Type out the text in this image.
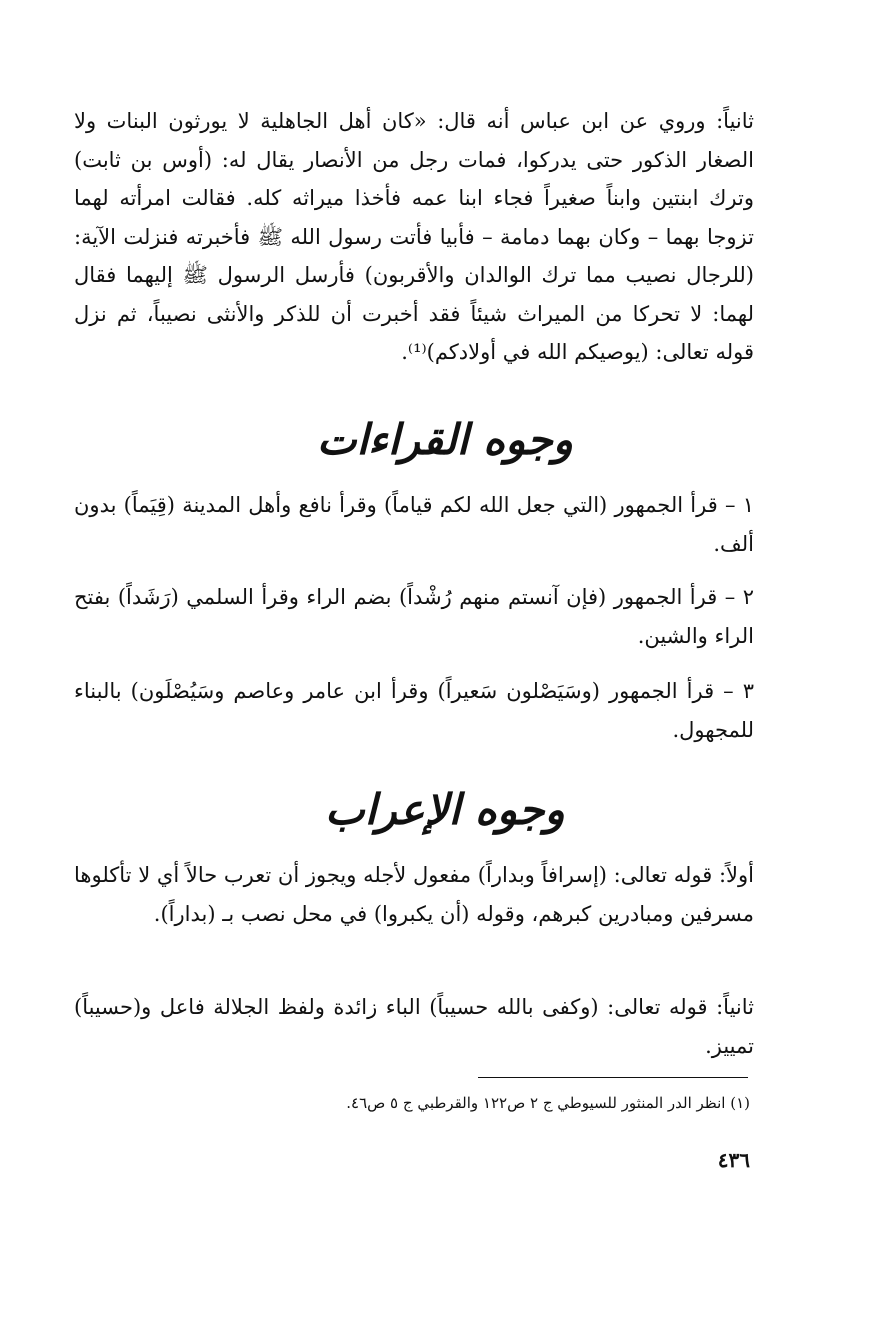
ثانياً: وروي عن ابن عباس أنه قال: «كان أهل الجاهلية لا يورثون البنات ولا الصغار الذكور حتى يدركوا، فمات رجل من الأنصار يقال له: (أوس بن ثابت) وترك ابنتين وابناً صغيراً فجاء ابنا عمه فأخذا ميراثه كله. فقالت امرأته لهما تزوجا بهما – وكان بهما دمامة – فأبيا فأتت رسول الله ﷺ فأخبرته فنزلت الآية: (للرجال نصيب مما ترك الوالدان والأقربون) فأرسل الرسول ﷺ إليهما فقال لهما: لا تحركا من الميراث شيئاً فقد أخبرت أن للذكر والأنثى نصيباً، ثم نزل قوله تعالى: (يوصيكم الله في أولادكم)⁽¹⁾.

وجوه القراءات

١ – قرأ الجمهور (التي جعل الله لكم قياماً) وقرأ نافع وأهل المدينة (قِيَماً) بدون ألف.

٢ – قرأ الجمهور (فإن آنستم منهم رُشْداً) بضم الراء وقرأ السلمي (رَشَداً) بفتح الراء والشين.

٣ – قرأ الجمهور (وسَيَصْلون سَعيراً) وقرأ ابن عامر وعاصم وسَيُصْلَون) بالبناء للمجهول.

وجوه الإعراب

أولاً: قوله تعالى: (إسرافاً وبداراً) مفعول لأجله ويجوز أن تعرب حالاً أي لا تأكلوها مسرفين ومبادرين كبرهم، وقوله (أن يكبروا) في محل نصب بـ (بداراً).

ثانياً: قوله تعالى: (وكفى بالله حسيباً) الباء زائدة ولفظ الجلالة فاعل و(حسيباً) تمييز.

(١) انظر الدر المنثور للسيوطي ج ٢ ص١٢٢ والقرطبي ج ٥ ص٤٦.

٤٣٦
